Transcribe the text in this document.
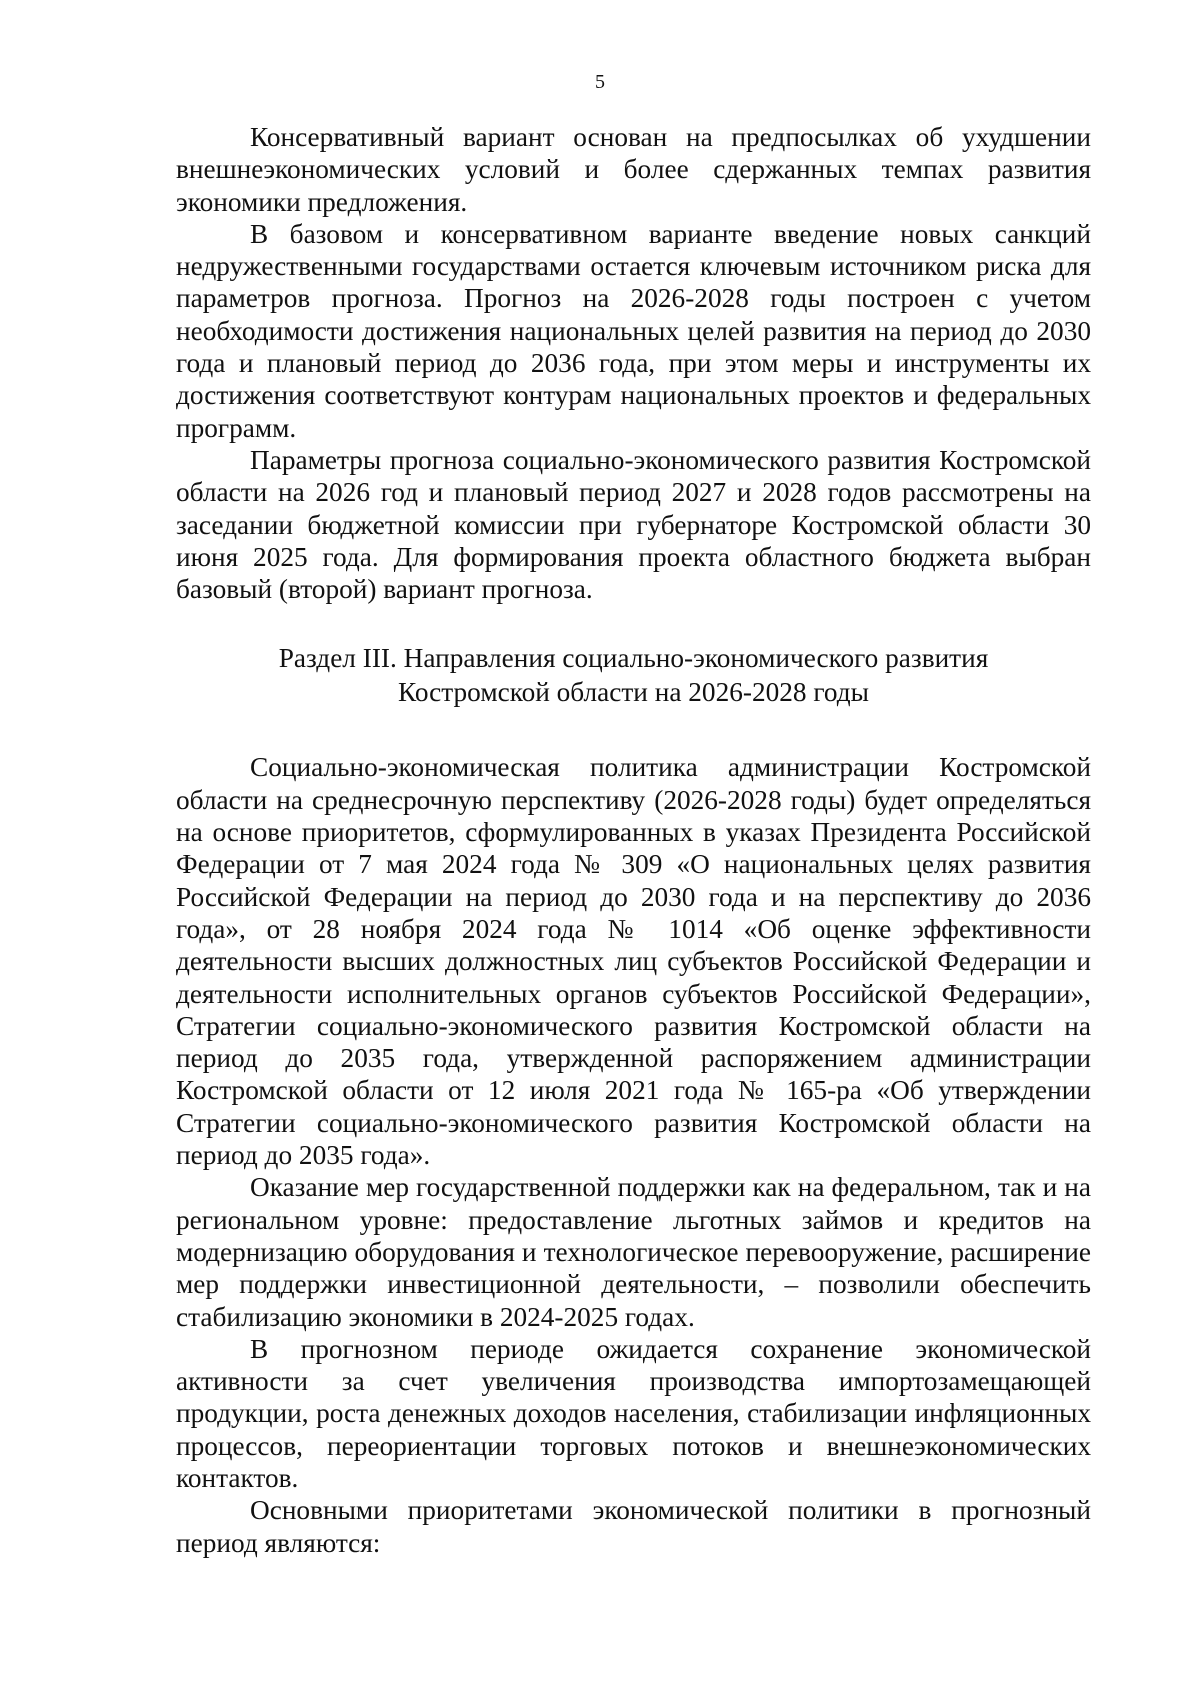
5

Консервативный вариант основан на предпосылках об ухудшении внешнеэкономических условий и более сдержанных темпах развития экономики предложения.

В базовом и консервативном варианте введение новых санкций недружественными государствами остается ключевым источником риска для параметров прогноза. Прогноз на 2026-2028 годы построен с учетом необходимости достижения национальных целей развития на период до 2030 года и плановый период до 2036 года, при этом меры и инструменты их достижения соответствуют контурам национальных проектов и федеральных программ.

Параметры прогноза социально-экономического развития Костромской области на 2026 год и плановый период 2027 и 2028 годов рассмотрены на заседании бюджетной комиссии при губернаторе Костромской области 30 июня 2025 года. Для формирования проекта областного бюджета выбран базовый (второй) вариант прогноза.

Раздел III. Направления социально-экономического развития
Костромской области на 2026-2028 годы

Социально-экономическая политика администрации Костромской области на среднесрочную перспективу (2026-2028 годы) будет определяться на основе приоритетов, сформулированных в указах Президента Российской Федерации от 7 мая 2024 года № 309 «О национальных целях развития Российской Федерации на период до 2030 года и на перспективу до 2036 года», от 28 ноября 2024 года № 1014 «Об оценке эффективности деятельности высших должностных лиц субъектов Российской Федерации и деятельности исполнительных органов субъектов Российской Федерации», Стратегии социально-экономического развития Костромской области на период до 2035 года, утвержденной распоряжением администрации Костромской области от 12 июля 2021 года № 165-ра «Об утверждении Стратегии социально-экономического развития Костромской области на период до 2035 года».

Оказание мер государственной поддержки как на федеральном, так и на региональном уровне: предоставление льготных займов и кредитов на модернизацию оборудования и технологическое перевооружение, расширение мер поддержки инвестиционной деятельности, – позволили обеспечить стабилизацию экономики в 2024-2025 годах.

В прогнозном периоде ожидается сохранение экономической активности за счет увеличения производства импортозамещающей продукции, роста денежных доходов населения, стабилизации инфляционных процессов, переориентации торговых потоков и внешнеэкономических контактов.

Основными приоритетами экономической политики в прогнозный период являются:
